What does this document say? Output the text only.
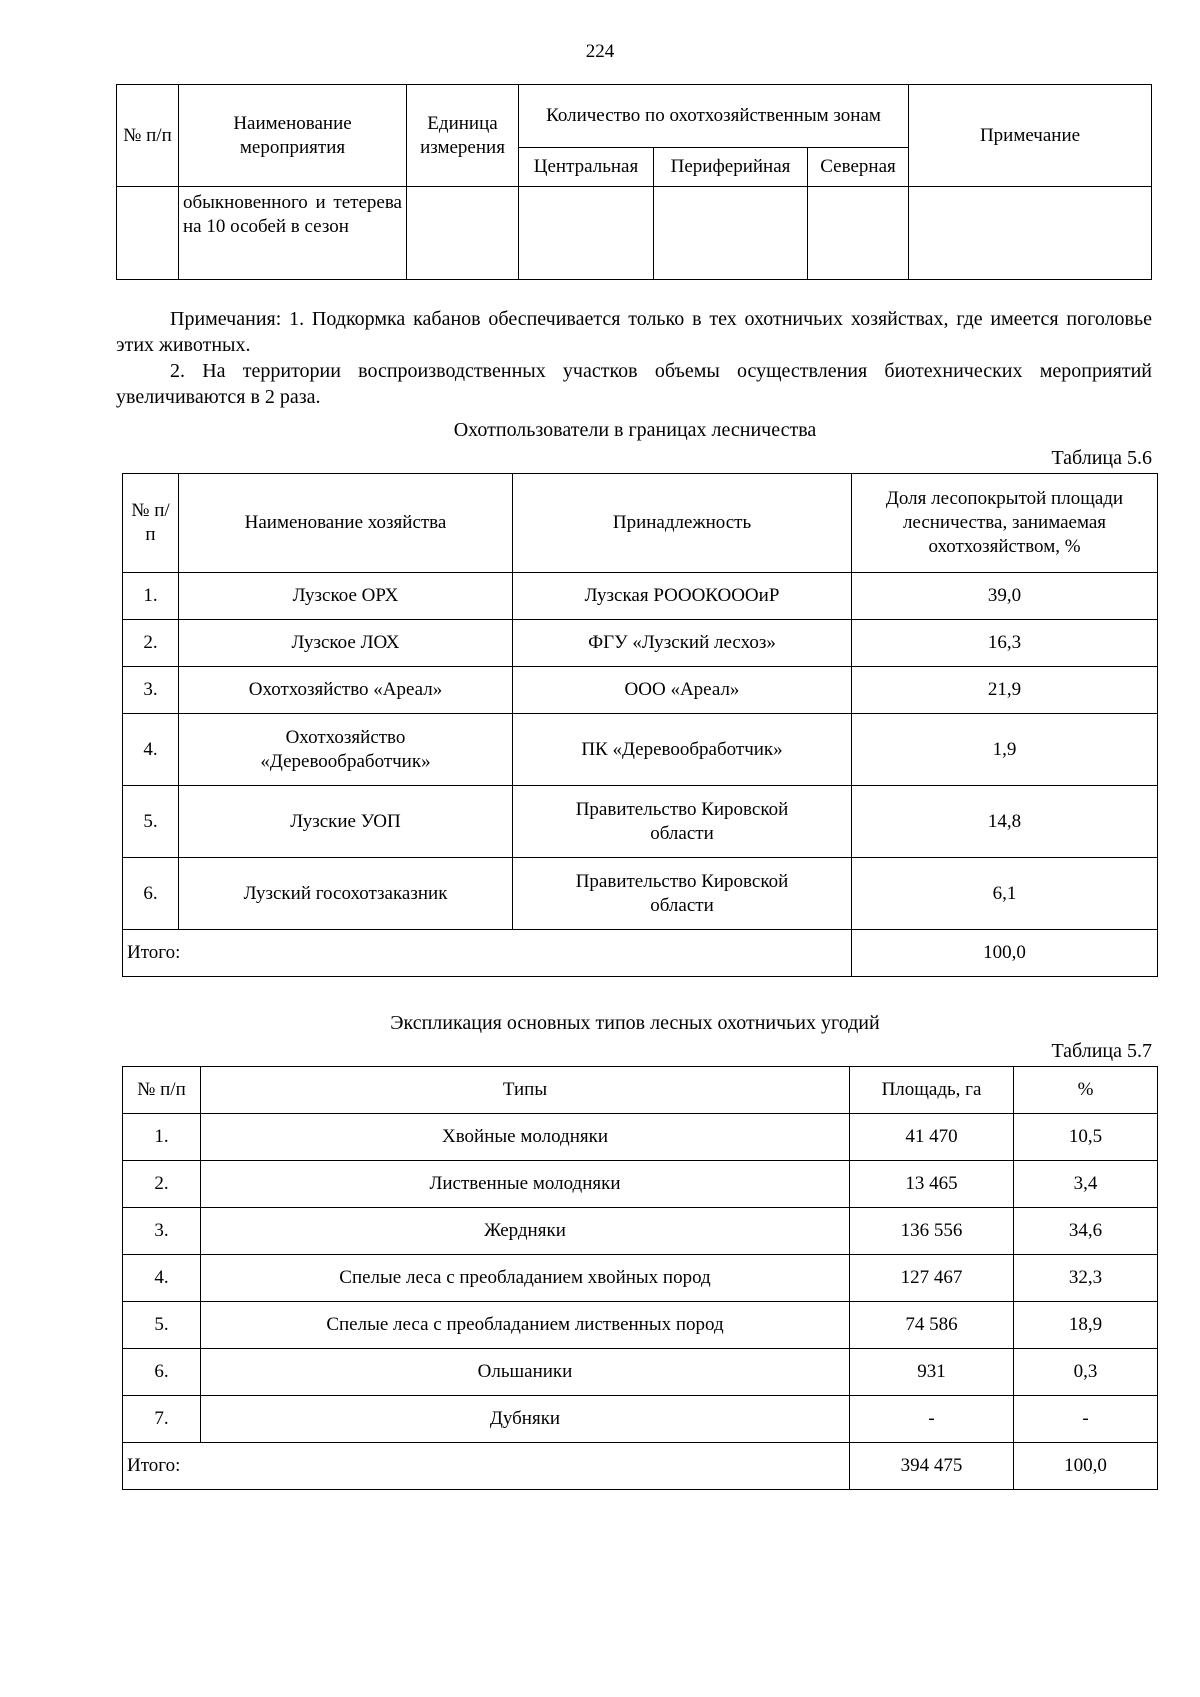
224
№ п/п	Наименование мероприятия	Единица измерения	Количество по охотхозяйственным зонам			Примечание
			Центральная	Периферийная	Северная	
	обыкновенного и тетерева на 10 особей в сезон					

Примечания: 1. Подкормка кабанов обеспечивается только в тех охотничьих хозяйствах, где имеется поголовье этих животных.

2. На территории воспроизводственных участков объемы осуществления биотехнических мероприятий увеличиваются в 2 раза.

Охотпользователи в границах лесничества
Таблица 5.6
№ п/п	Наименование хозяйства	Принадлежность	Доля лесопокрытой площади лесничества, занимаемая охотхозяйством, %
1.	Лузское ОРХ	Лузская РОООКОООиР	39,0
2.	Лузское ЛОХ	ФГУ «Лузский лесхоз»	16,3
3.	Охотхозяйство «Ареал»	ООО «Ареал»	21,9
4.	Охотхозяйство «Деревообработчик»	ПК «Деревообработчик»	1,9
5.	Лузские УОП	Правительство Кировской области	14,8
6.	Лузский госохотзаказник	Правительство Кировской области	6,1
Итого:			100,0
Экспликация основных типов лесных охотничьих угодий
Таблица 5.7
№ п/п	Типы	Площадь, га	%
1.	Хвойные молодняки	41 470	10,5
2.	Лиственные молодняки	13 465	3,4
3.	Жердняки	136 556	34,6
4.	Спелые леса с преобладанием хвойных пород	127 467	32,3
5.	Спелые леса с преобладанием лиственных пород	74 586	18,9
6.	Ольшаники	931	0,3
7.	Дубняки	-	-
Итого:		394 475	100,0
